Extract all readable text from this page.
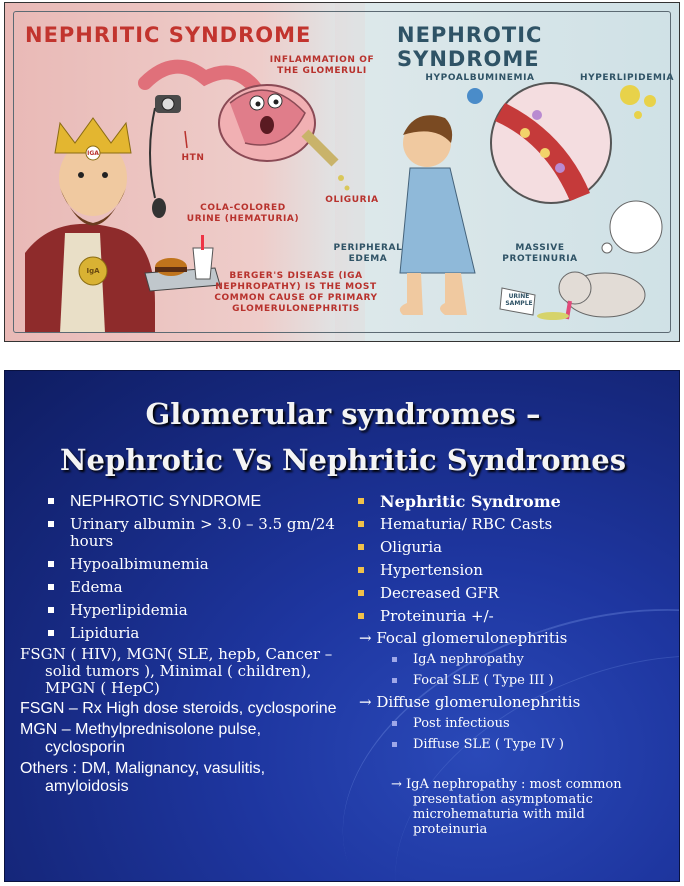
NEPHRITIC SYNDROME	NEPHROTIC SYNDROME
INFLAMMATION OF THE GLOMERULI
HTN
OLIGURIA
COLA-COLORED URINE (HEMATURIA)
BERGER'S DISEASE (IGA NEPHROPATHY) IS THE MOST COMMON CAUSE OF PRIMARY GLOMERULONEPHRITIS
HYPOALBUMINEMIA	HYPERLIPIDEMIA
PERIPHERAL EDEMA
MASSIVE PROTEINURIA
URINE SAMPLE
IGA
IgA
Glomerular syndromes –
Nephrotic Vs Nephritic Syndromes
NEPHROTIC SYNDROME
Urinary albumin > 3.0 – 3.5 gm/24 hours
Hypoalbimunemia
Edema
Hyperlipidemia
Lipiduria
FSGN ( HIV), MGN( SLE, hepb, Cancer – solid tumors ), Minimal ( children), MPGN ( HepC)
FSGN – Rx High dose steroids, cyclosporine
MGN – Methylprednisolone pulse, cyclosporin
Others : DM, Malignancy, vasulitis, amyloidosis
Nephritic Syndrome
Hematuria/ RBC Casts
Oliguria
Hypertension
Decreased GFR
Proteinuria +/-
→ Focal glomerulonephritis
IgA nephropathy
Focal SLE ( Type III )
→ Diffuse glomerulonephritis
Post infectious
Diffuse SLE ( Type IV )
→ IgA nephropathy : most common presentation asymptomatic microhematuria with mild proteinuria
